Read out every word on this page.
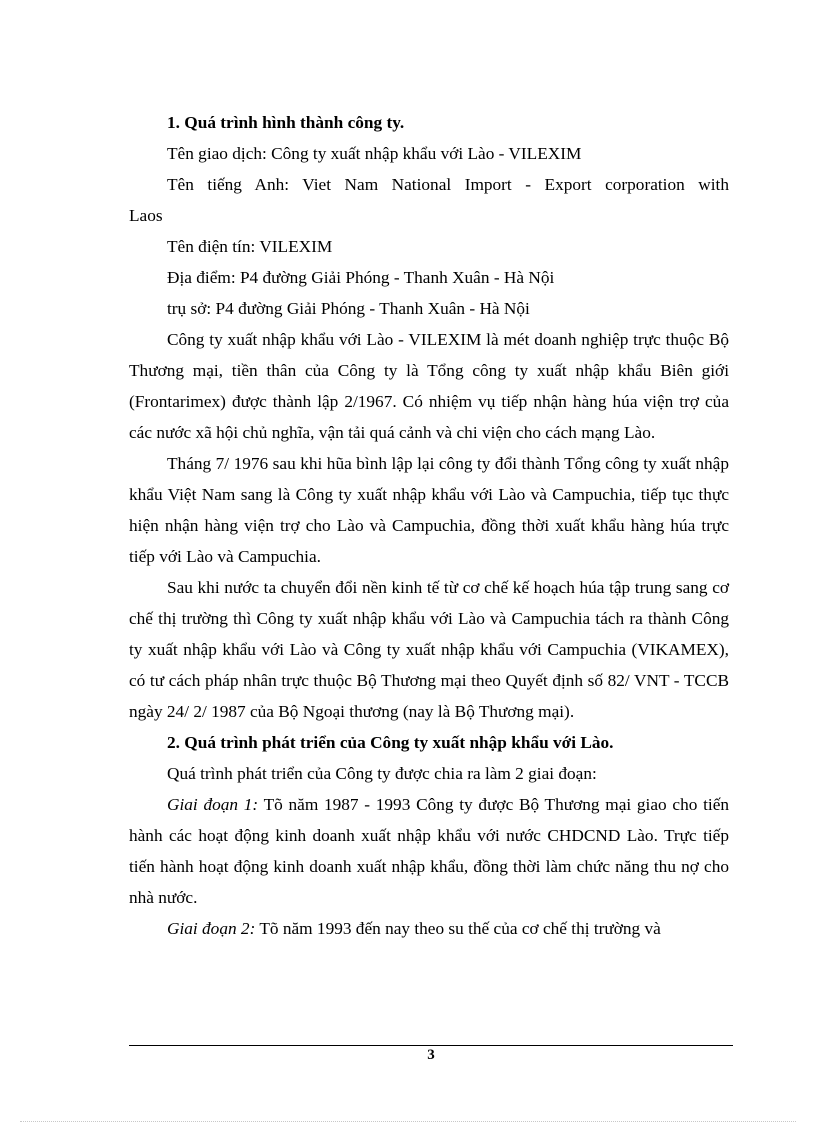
1. Quá trình hình thành công ty.

Tên giao dịch: Công ty xuất nhập khẩu với Lào - VILEXIM

Tên tiếng Anh: Viet Nam National Import - Export corporation with

Laos

Tên điện tín: VILEXIM

Địa điểm: P4 đường Giải Phóng - Thanh Xuân - Hà Nội

trụ sở: P4 đường Giải Phóng - Thanh Xuân - Hà Nội

Công ty xuất nhập khẩu với Lào - VILEXIM là mét doanh nghiệp trực thuộc Bộ Thương mại, tiền thân của Công ty là Tổng công ty xuất nhập khẩu Biên giới (Frontarimex) được thành lập 2/1967. Có nhiệm vụ tiếp nhận hàng húa viện trợ của các nước xã hội chủ nghĩa, vận tải quá cảnh và chi viện cho cách mạng Lào.

Tháng 7/ 1976 sau khi hũa bình lập lại công ty đổi thành Tổng công ty xuất nhập khẩu Việt Nam sang là Công ty xuất nhập khẩu với Lào và Campuchia, tiếp tục thực hiện nhận hàng viện trợ cho Lào và Campuchia, đồng thời xuất khẩu hàng húa trực tiếp với Lào và Campuchia.

Sau khi nước ta chuyển đổi nền kinh tế từ cơ chế kế hoạch húa tập trung sang cơ chế thị trường thì Công ty xuất nhập khẩu với Lào và Campuchia tách ra thành Công ty xuất nhập khẩu với Lào và Công ty xuất nhập khẩu với Campuchia (VIKAMEX), có tư cách pháp nhân trực thuộc Bộ Thương mại theo Quyết định số 82/ VNT - TCCB ngày 24/ 2/ 1987 của Bộ Ngoại thương (nay là Bộ Thương mại).

2. Quá trình phát triển của Công ty xuất nhập khẩu với Lào.

Quá trình phát triển của Công ty được chia ra làm 2 giai đoạn:

Giai đoạn 1: Tõ năm 1987 - 1993 Công ty được Bộ Thương mại giao cho tiến hành các hoạt động kinh doanh xuất nhập khẩu với nước CHDCND Lào. Trực tiếp tiến hành hoạt động kinh doanh xuất nhập khẩu, đồng thời làm chức năng thu nợ cho nhà nước.

Giai đoạn 2: Tõ năm 1993 đến nay theo su thế của cơ chế thị trường và

3
